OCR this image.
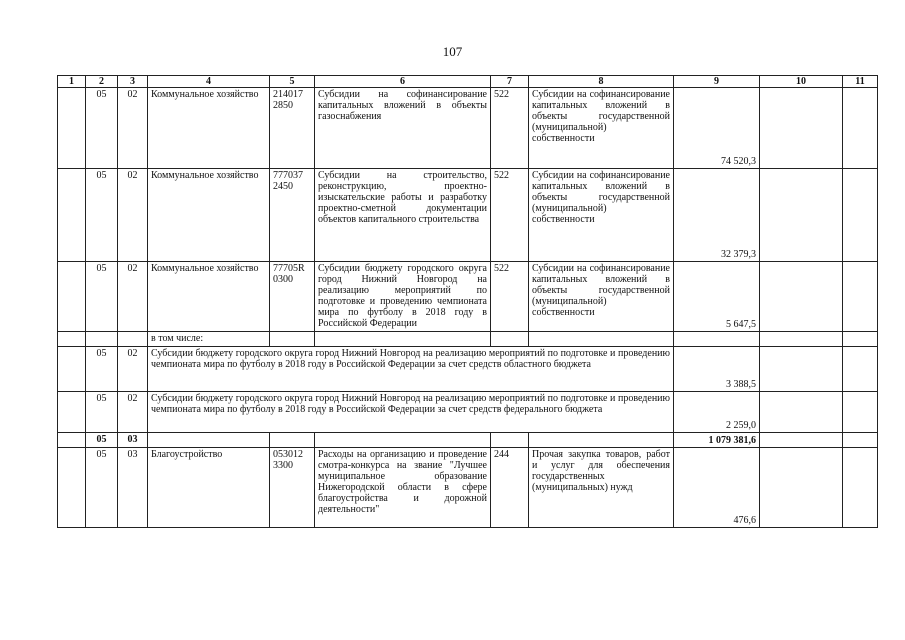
107
1	2	3	4	5	6	7	8	9	10	11
	05	02	Коммунальное хозяйство	214017 2850	Субсидии на софинансирование капитальных вложений в объекты газоснабжения	522	Субсидии на софинансирование капитальных вложений в объекты государственной (муниципальной) собственности	74 520,3		
	05	02	Коммунальное хозяйство	777037 2450	Субсидии на строительство, реконструкцию, проектно-изыскательские работы и разработку проектно-сметной документации объектов капитального строительства	522	Субсидии на софинансирование капитальных вложений в объекты государственной (муниципальной) собственности	32 379,3		
	05	02	Коммунальное хозяйство	77705R 0300	Субсидии бюджету городского округа город Нижний Новгород на реализацию мероприятий по подготовке и проведению чемпионата мира по футболу в 2018 году в Российской Федерации	522	Субсидии на софинансирование капитальных вложений в объекты государственной (муниципальной) собственности	5 647,5		
			в том числе:							
	05	02	Субсидии бюджету городского округа город Нижний Новгород на реализацию мероприятий по подготовке и проведению чемпионата мира по футболу в 2018 году в Российской Федерации за счет средств областного бюджета					3 388,5		
	05	02	Субсидии бюджету городского округа город Нижний Новгород на реализацию мероприятий по подготовке и проведению чемпионата мира по футболу в 2018 году в Российской Федерации за счет средств федерального бюджета					2 259,0		
	05	03						1 079 381,6		
	05	03	Благоустройство	053012 3300	Расходы на организацию и проведение смотра-конкурса на звание "Лучшее муниципальное образование Нижегородской области в сфере благоустройства и дорожной деятельности"	244	Прочая закупка товаров, работ и услуг для обеспечения государственных (муниципальных) нужд	476,6		
